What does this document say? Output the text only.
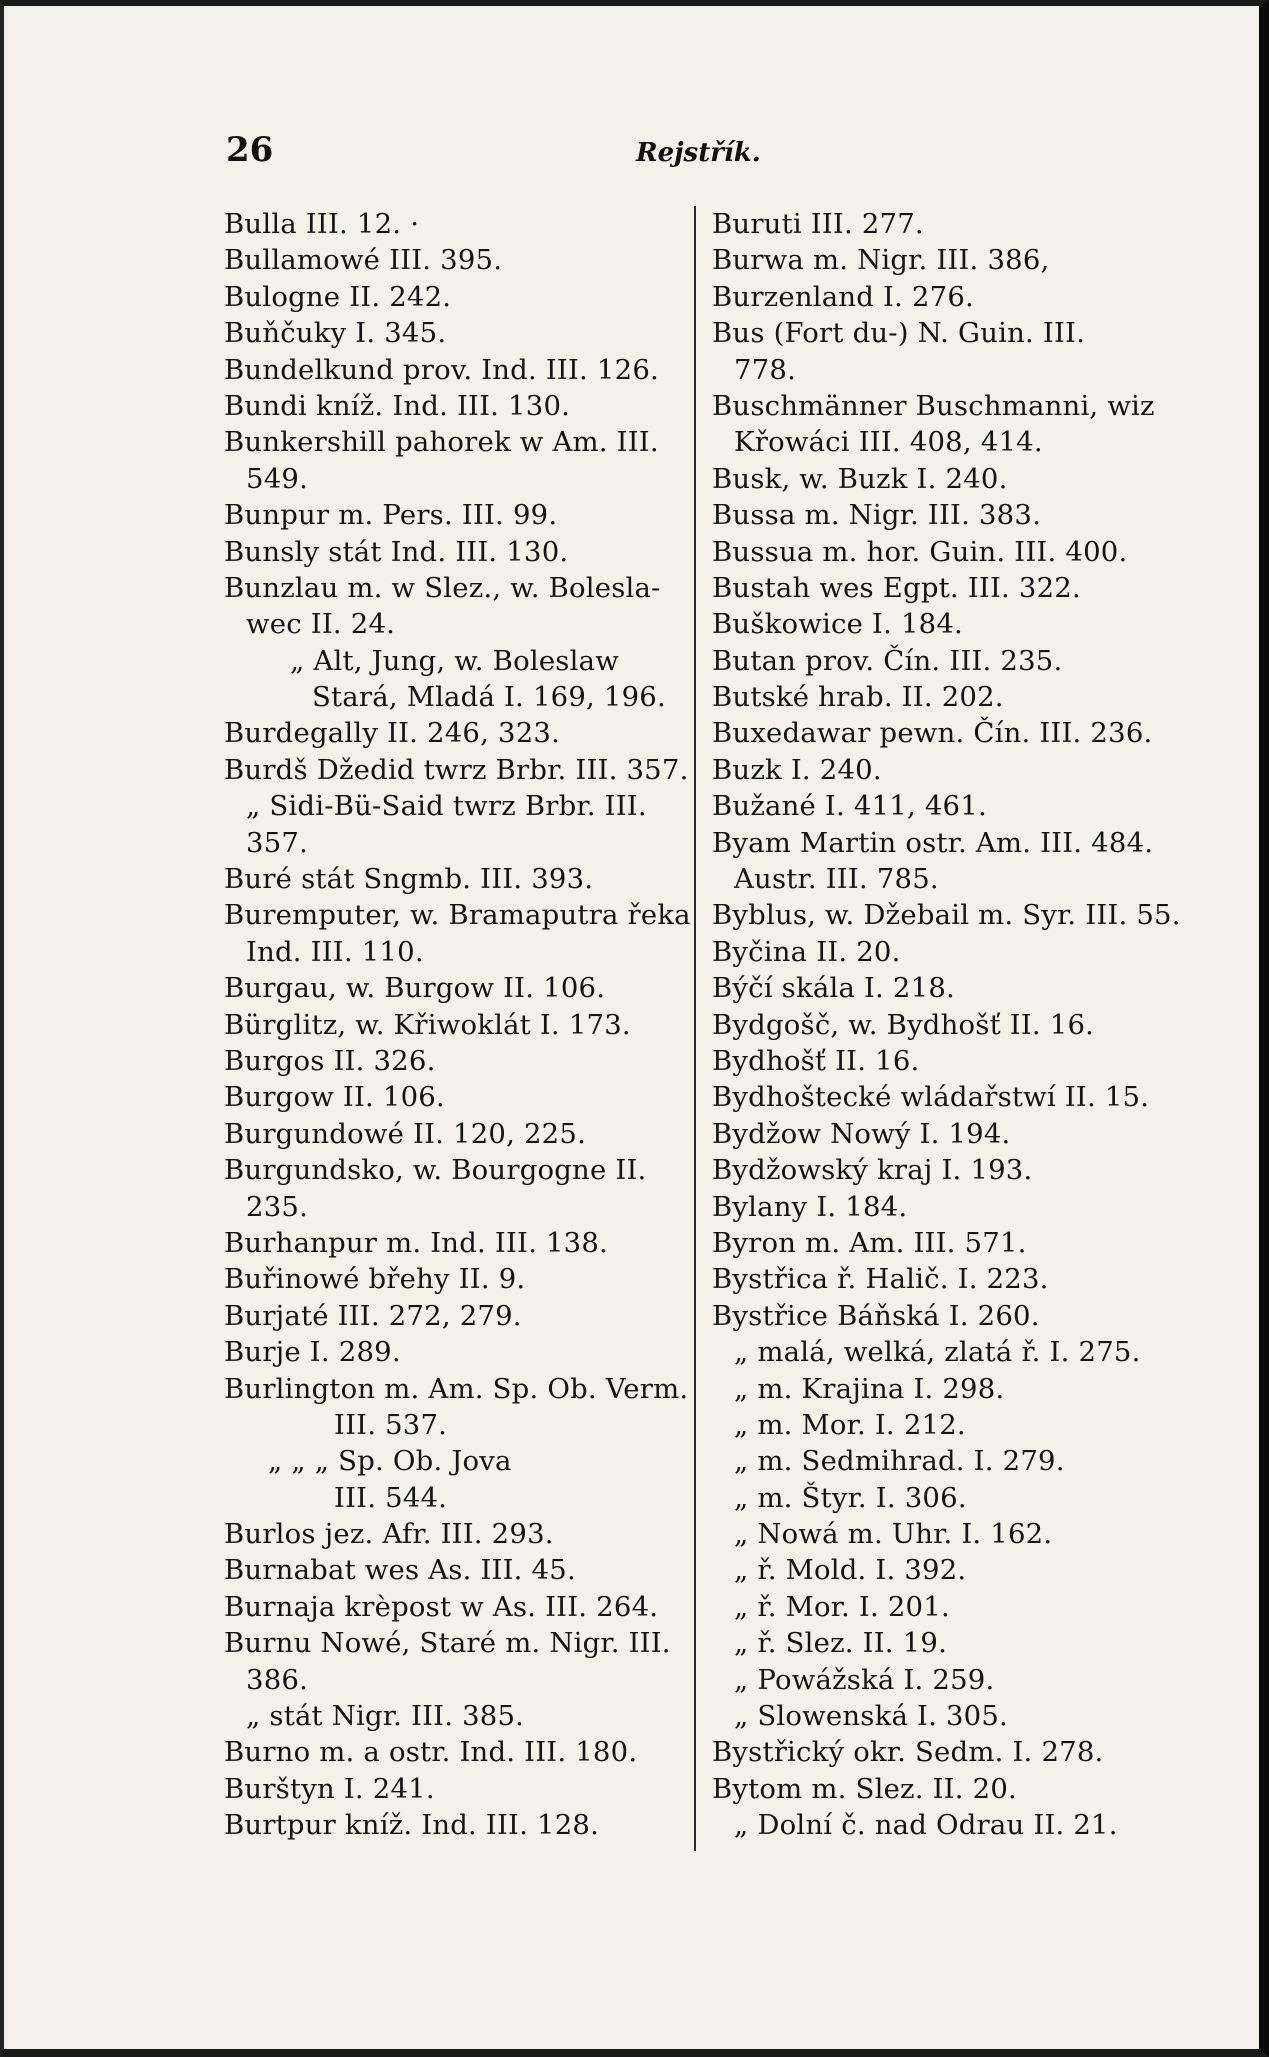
26	Rejstřík.
Bulla III. 12. ·
Bullamowé III. 395.
Bulogne II. 242.
Buňčuky I. 345.
Bundelkund prov. Ind. III. 126.
Bundi kníž. Ind. III. 130.
Bunkershill pahorek w Am. III.
549.
Bunpur m. Pers. III. 99.
Bunsly stát Ind. III. 130.
Bunzlau m. w Slez., w. Boleslа-
wec II. 24.
„ Alt, Jung, w. Boleslaw
Stará, Mladá I. 169, 196.
Burdegally II. 246, 323.
Burdš Džedid twrz Brbr. III. 357.
„ Sidi-Bü-Said twrz Brbr. III.
357.
Buré stát Sngmb. III. 393.
Buremputer, w. Bramaputra řeka
Ind. III. 110.
Burgau, w. Burgow II. 106.
Bürglitz, w. Křiwoklát I. 173.
Burgos II. 326.
Burgow II. 106.
Burgundowé II. 120, 225.
Burgundsko, w. Bourgogne II.
235.
Burhanpur m. Ind. III. 138.
Buřinowé břehy II. 9.
Burjaté III. 272, 279.
Burje I. 289.
Burlington m. Am. Sp. Ob. Verm.
III. 537.
„ „ „ Sp. Ob. Jova
III. 544.
Burlos jez. Afr. III. 293.
Burnabat wes As. III. 45.
Burnaja krèpost w As. III. 264.
Burnu Nowé, Staré m. Nigr. III.
386.
„ stát Nigr. III. 385.
Burno m. a ostr. Ind. III. 180.
Burštyn I. 241.
Burtpur kníž. Ind. III. 128.
Buruti III. 277.
Burwa m. Nigr. III. 386,
Burzenland I. 276.
Bus (Fort du-) N. Guin. III.
778.
Buschmänner Buschmanni, wiz
Křowáci III. 408, 414.
Busk, w. Buzk I. 240.
Bussa m. Nigr. III. 383.
Bussua m. hor. Guin. III. 400.
Bustah wes Egpt. III. 322.
Buškowice I. 184.
Butan prov. Čín. III. 235.
Butské hrab. II. 202.
Buxedawar pewn. Čín. III. 236.
Buzk I. 240.
Bužané I. 411, 461.
Byam Martin ostr. Am. III. 484.
Austr. III. 785.
Byblus, w. Džebail m. Syr. III. 55.
Byčina II. 20.
Býčí skála I. 218.
Bydgošč, w. Bydhošť II. 16.
Bydhošť II. 16.
Bydhoštecké wládařstwí II. 15.
Bydžow Nowý I. 194.
Bydžowský kraj I. 193.
Bylany I. 184.
Byron m. Am. III. 571.
Bystřica ř. Halič. I. 223.
Bystřice Báňská I. 260.
„ malá, welká, zlatá ř. I. 275.
„ m. Krajina I. 298.
„ m. Mor. I. 212.
„ m. Sedmihrad. I. 279.
„ m. Štyr. I. 306.
„ Nowá m. Uhr. I. 162.
„ ř. Mold. I. 392.
„ ř. Mor. I. 201.
„ ř. Slez. II. 19.
„ Powážská I. 259.
„ Slowenská I. 305.
Bystřický okr. Sedm. I. 278.
Bytom m. Slez. II. 20.
„ Dolní č. nad Odrau II. 21.
